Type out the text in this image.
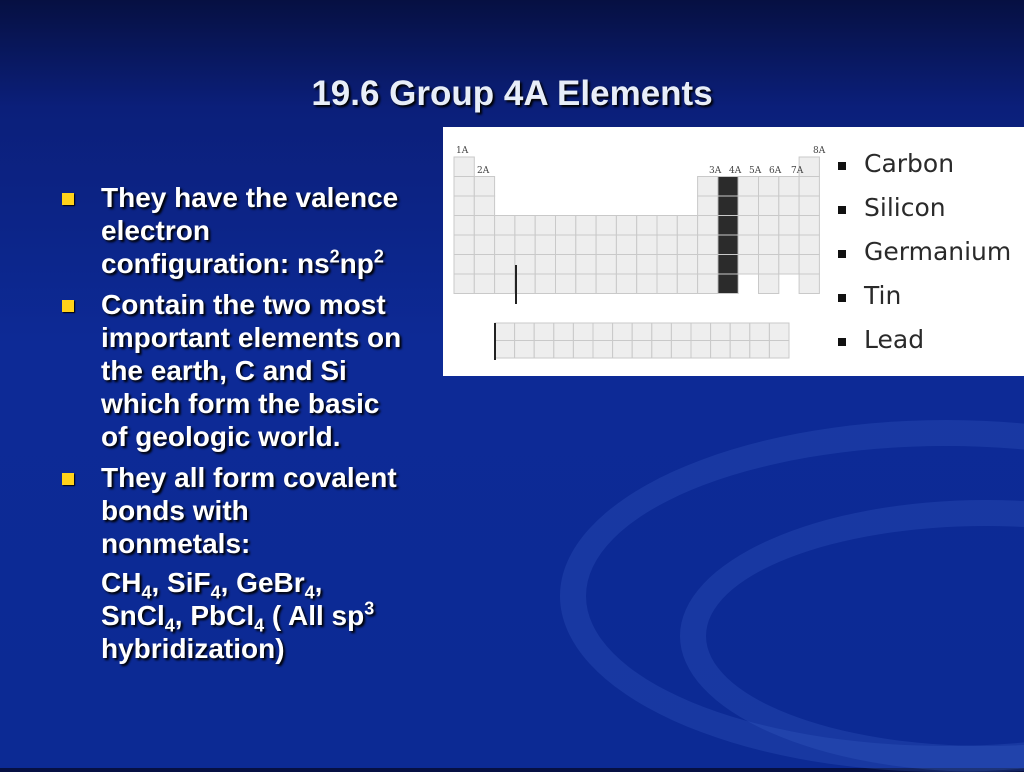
19.6 Group 4A Elements
They have the valence electron configuration: $ns^2np^2$
Contain the two most important elements on the earth, C and Si which form the basic of geologic world.
They all form covalent bonds with nonmetals:
$CH_4$, SiF$_4$, GeBr$_4$, SnCl$_4$, PbCl$_4$ ( All $sp^3$ hybridization)
1A
2A	3A 4A 5A 6A 7A
8A	Carbon
Silicon
Germanium
Tin
Lead
